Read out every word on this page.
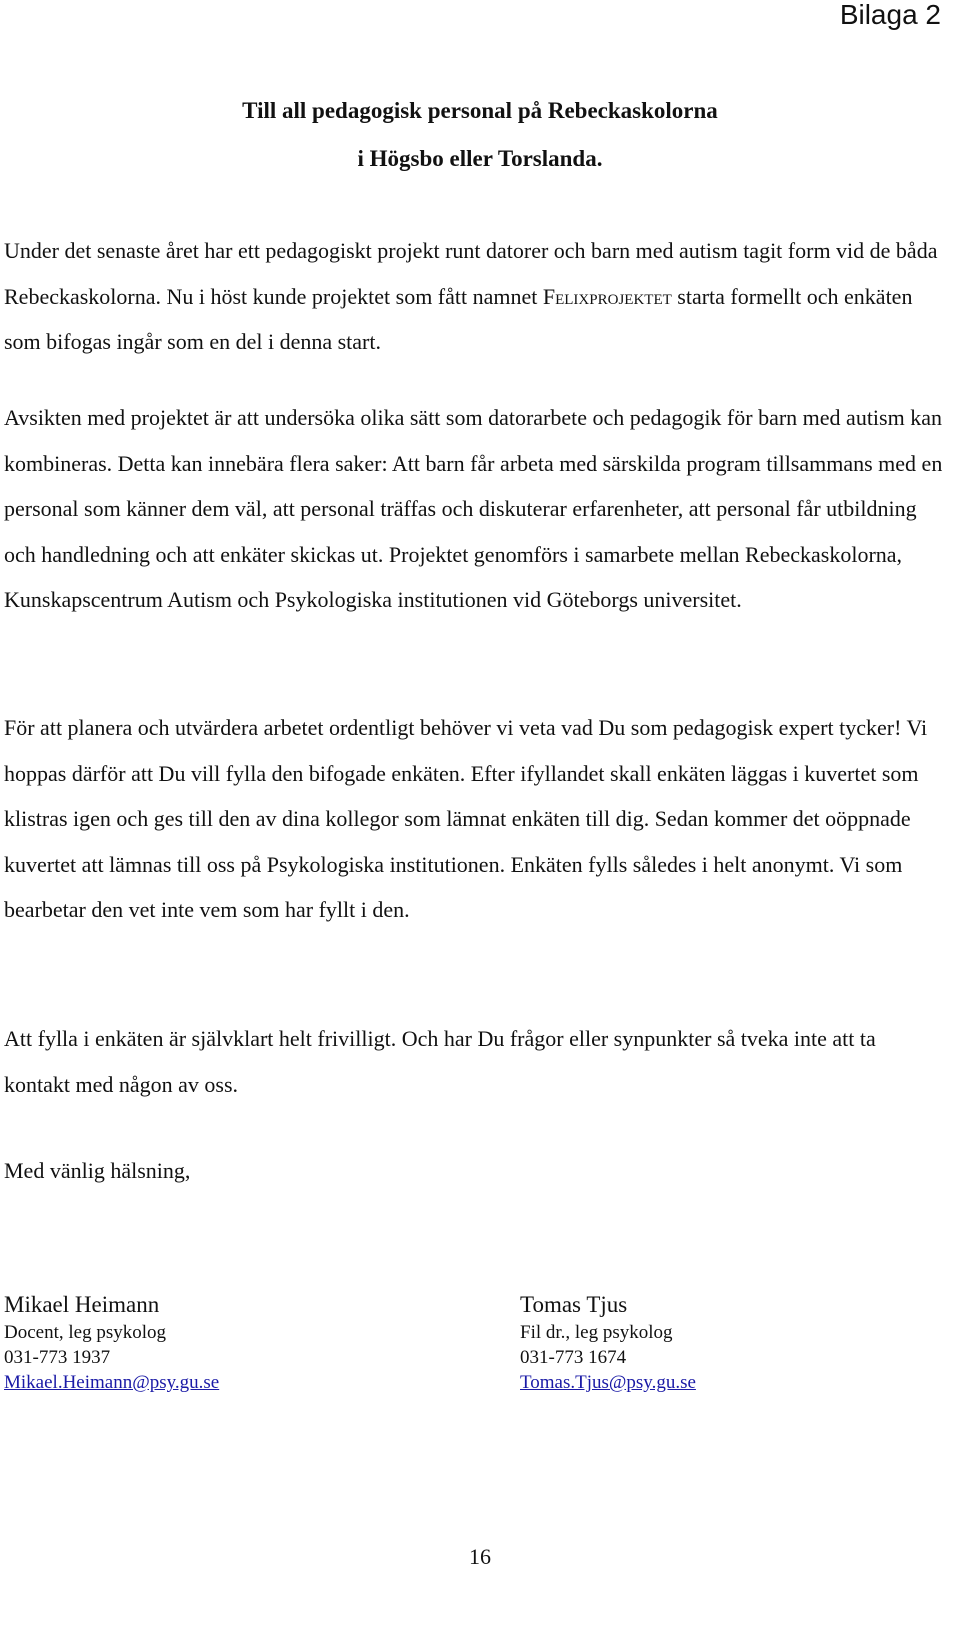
Bilaga 2
Till all pedagogisk personal på Rebeckaskolorna
i Högsbo eller Torslanda.

Under det senaste året har ett pedagogiskt projekt runt datorer och barn med autism tagit form vid de båda Rebeckaskolorna. Nu i höst kunde projektet som fått namnet Felixprojektet starta formellt och enkäten som bifogas ingår som en del i denna start.

Avsikten med projektet är att undersöka olika sätt som datorarbete och pedagogik för barn med autism kan kombineras. Detta kan innebära flera saker: Att barn får arbeta med särskilda program tillsammans med en personal som känner dem väl, att personal träffas och diskuterar erfarenheter, att personal får utbildning och handledning och att enkäter skickas ut. Projektet genomförs i samarbete mellan Rebeckaskolorna, Kunskapscentrum Autism och Psykologiska institutionen vid Göteborgs universitet.

För att planera och utvärdera arbetet ordentligt behöver vi veta vad Du som pedagogisk expert tycker! Vi hoppas därför att Du vill fylla den bifogade enkäten. Efter ifyllandet skall enkäten läggas i kuvertet som klistras igen och ges till den av dina kollegor som lämnat enkäten till dig. Sedan kommer det oöppnade kuvertet att lämnas till oss på Psykologiska institutionen. Enkäten fylls således i helt anonymt. Vi som bearbetar den vet inte vem som har fyllt i den.

Att fylla i enkäten är självklart helt frivilligt. Och har Du frågor eller synpunkter så tveka inte att ta kontakt med någon av oss.

Med vänlig hälsning,

Mikael Heimann
Docent, leg psykolog
031-773 1937
Mikael.Heimann@psy.gu.se
Tomas Tjus
Fil dr., leg psykolog
031-773 1674
Tomas.Tjus@psy.gu.se
16
